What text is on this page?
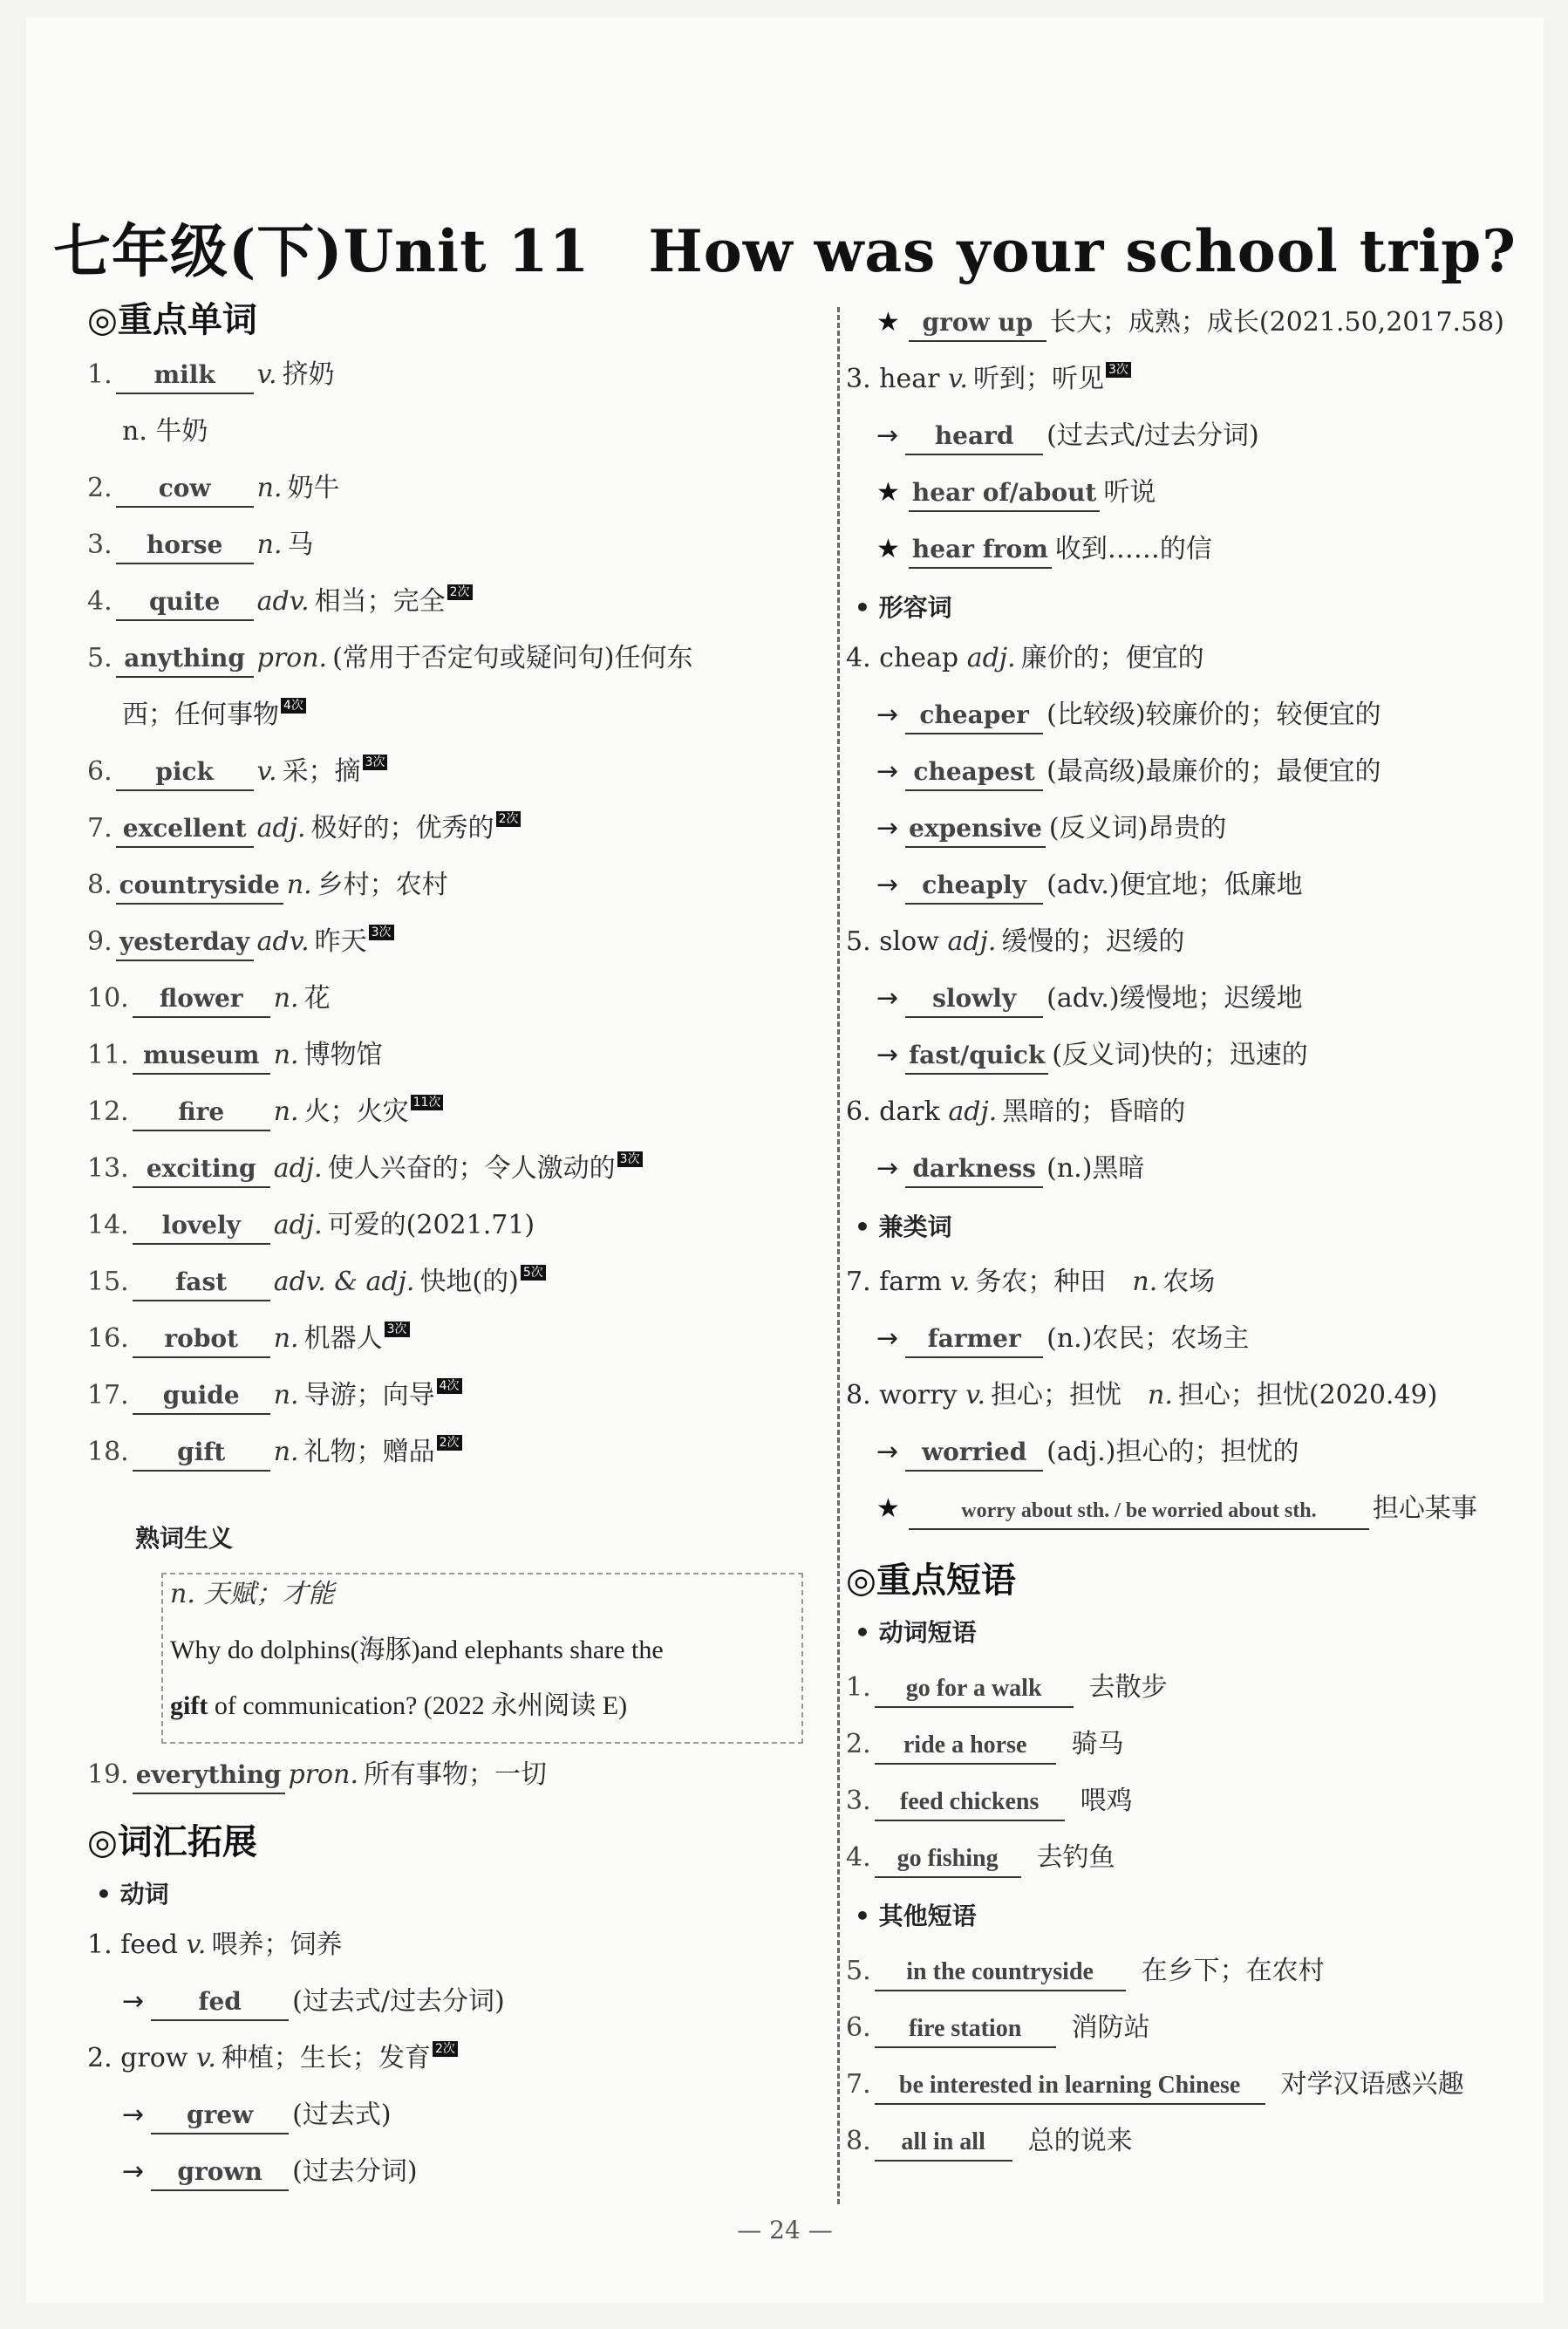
七年级(下)Unit 11　How was your school trip?
◎重点单词
1. milk v. 挤奶
2. cow n. 奶牛
3. horse n. 马
4. quite adv. 相当；完全 2次
5. anything pron. (常用于否定句或疑问句)任何东
6. pick v. 采；摘 3次
7. excellent adj. 极好的；优秀的 2次
8. countryside n. 乡村；农村
9. yesterday adv. 昨天 3次
10. flower n. 花
11. museum n. 博物馆
12. fire n. 火；火灾 11次
13. exciting adj. 使人兴奋的；令人激动的 3次
14. lovely adj. 可爱的(2021.71)
15. fast adv. & adj. 快地(的) 5次
16. robot n. 机器人 3次
17. guide n. 导游；向导 4次
18. gift n. 礼物；赠品 2次
n. 牛奶
西；任何事物 4次
熟词生义
n. 天赋；才能
Why do dolphins(海豚)and elephants share the
gift of communication? (2022 永州阅读 E)
19. everything pron. 所有事物；一切
◎词汇拓展
• 动词
1. feed v. 喂养；饲养
→ fed (过去式/过去分词)
2. grow v. 种植；生长；发育 2次
→ grew (过去式)
→ grown (过去分词)
★ grow up 长大；成熟；成长(2021.50,2017.58)
3. hear v. 听到；听见 3次
→ heard (过去式/过去分词)
★ hear of/about 听说
★ hear from 收到……的信
• 形容词
4. cheap adj. 廉价的；便宜的
→ cheaper (比较级)较廉价的；较便宜的
→ cheapest (最高级)最廉价的；最便宜的
→ expensive (反义词)昂贵的
→ cheaply (adv.)便宜地；低廉地
5. slow adj. 缓慢的；迟缓的
→ slowly (adv.)缓慢地；迟缓地
→ fast/quick (反义词)快的；迅速的
6. dark adj. 黑暗的；昏暗的
→ darkness (n.)黑暗
• 兼类词
7. farm v. 务农；种田　 n. 农场
→ farmer (n.)农民；农场主
8. worry v. 担心；担忧　 n. 担心；担忧(2020.49)
→ worried (adj.)担心的；担忧的
★	worry about sth. / be worried about sth. 担心某事
◎重点短语
• 动词短语
1. go for a walk 去散步
2. ride a horse 骑马
3. feed chickens 喂鸡
4. go fishing 去钓鱼
• 其他短语
5. in the countryside 在乡下；在农村
6. fire station 消防站
7. be interested in learning Chinese 对学汉语感兴趣
8. all in all 总的说来
— 24 —
